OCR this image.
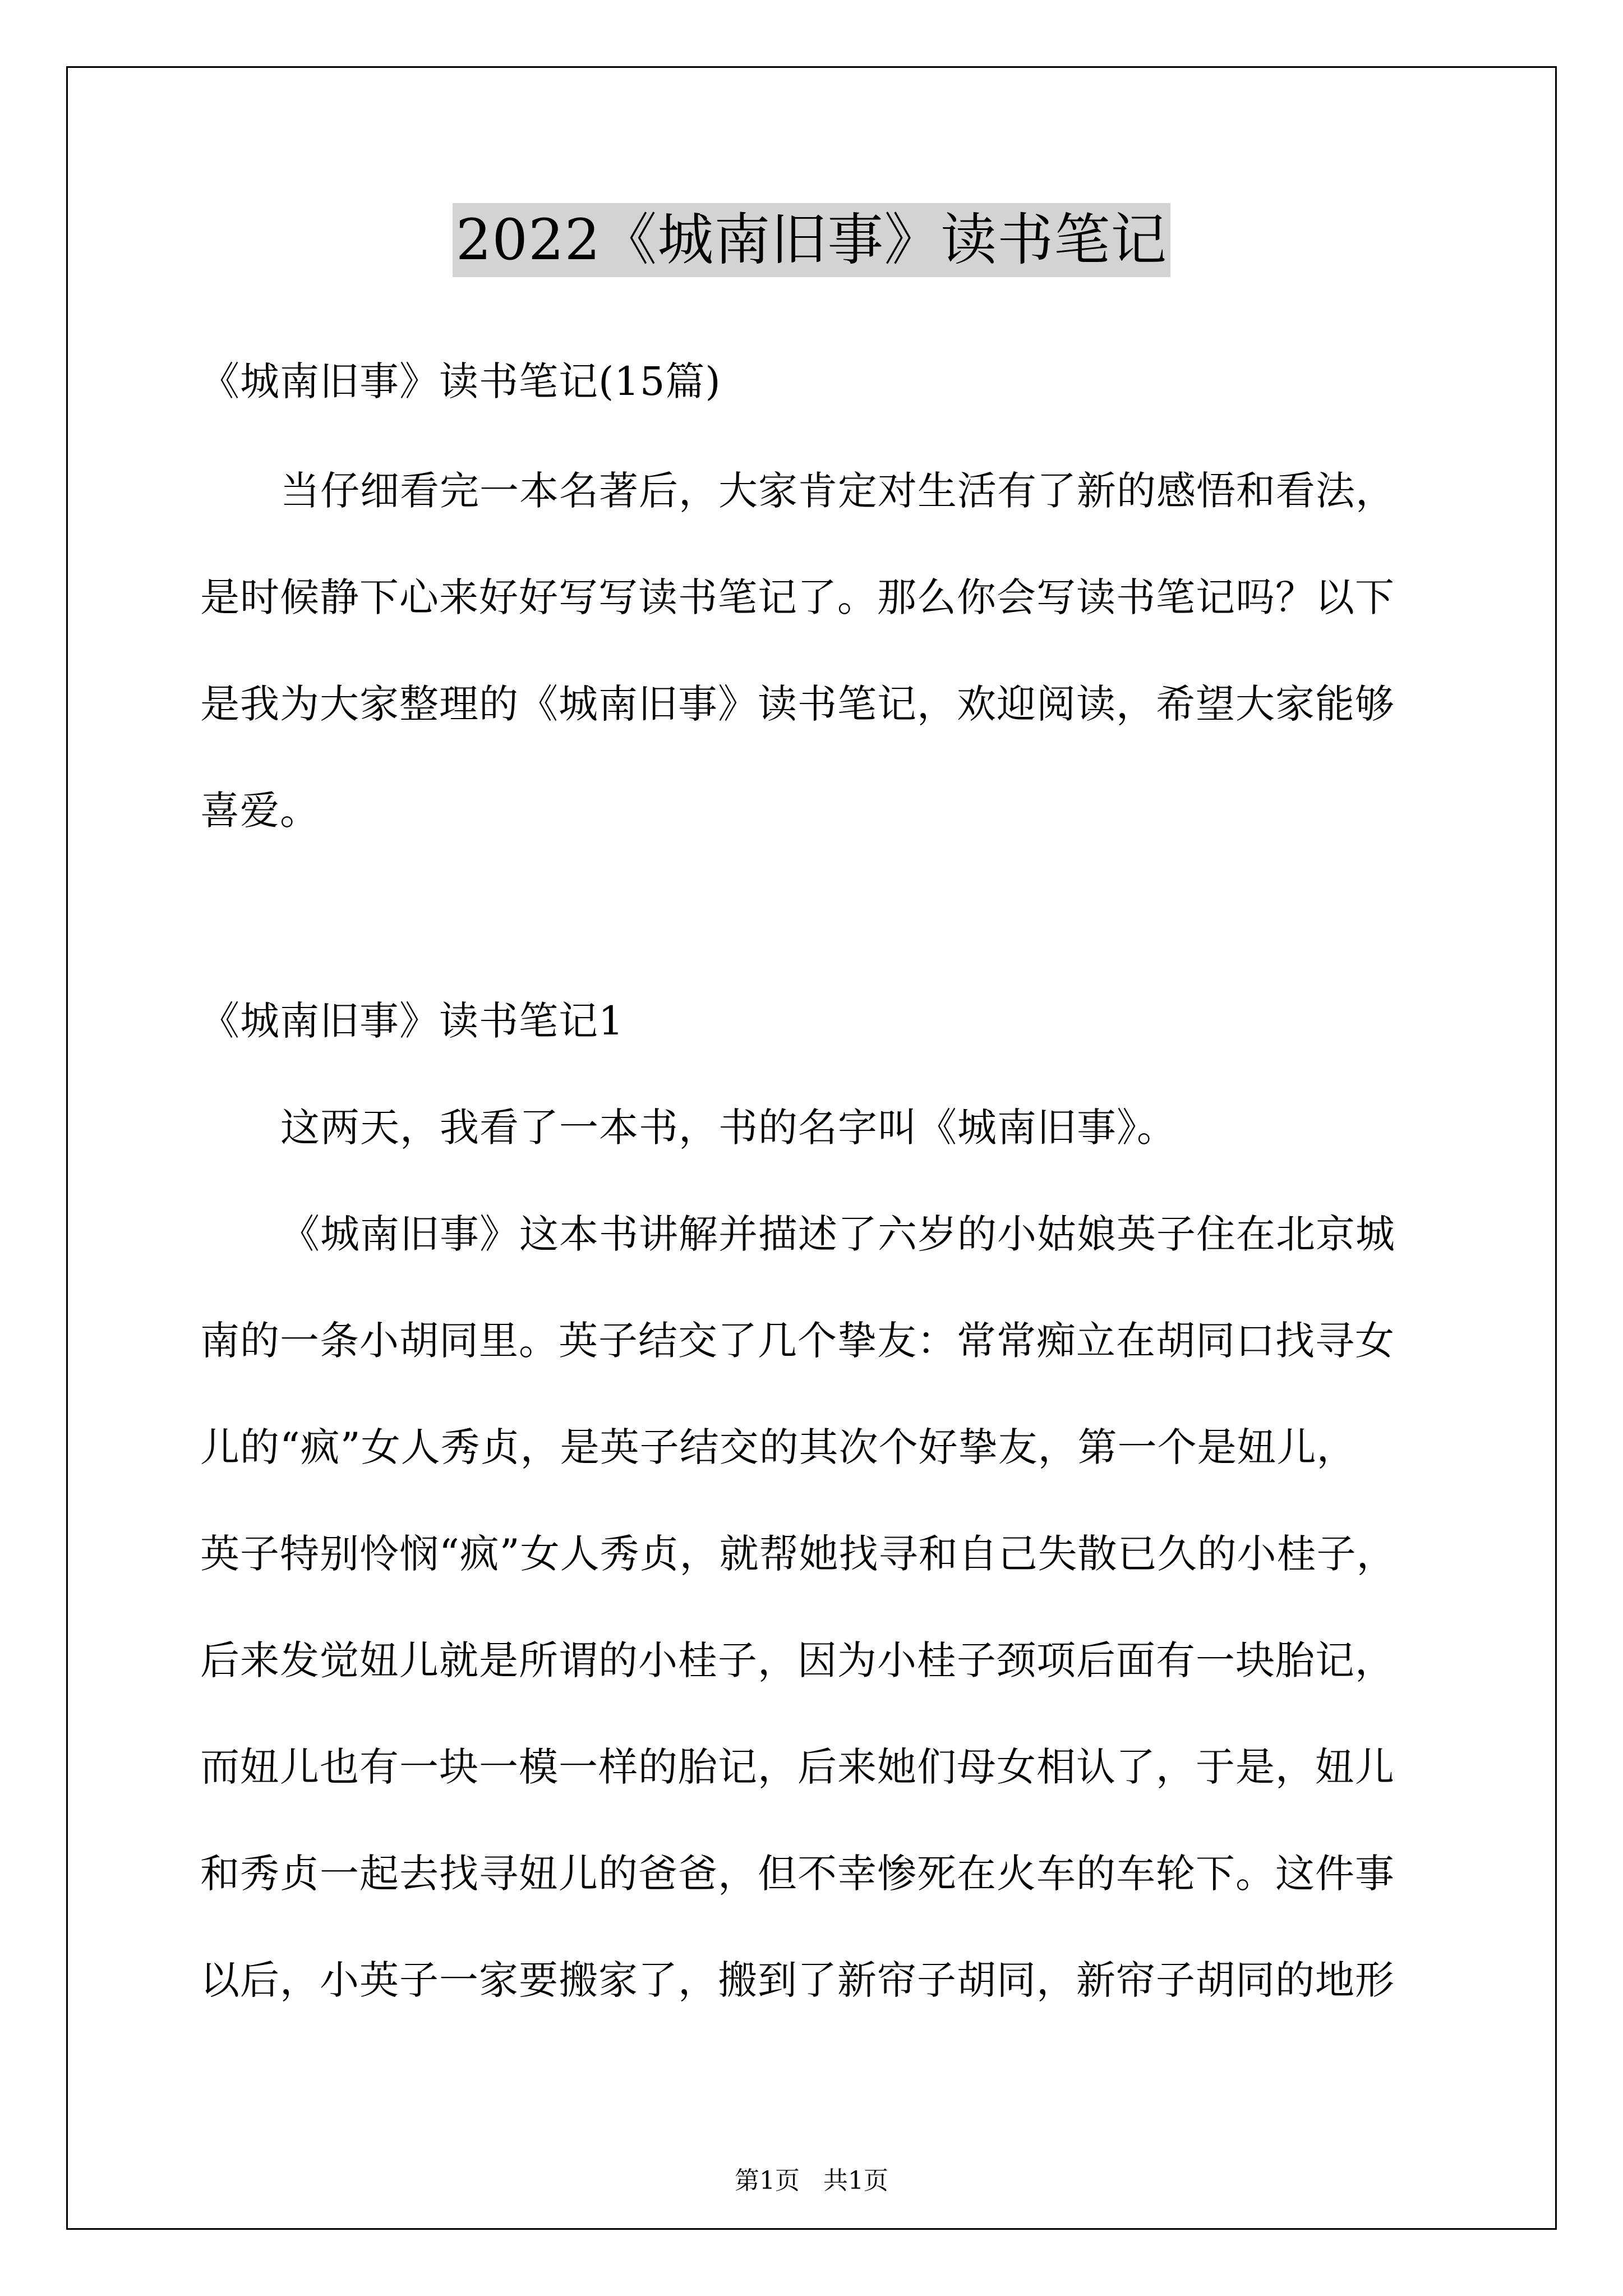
2022《城南旧事》读书笔记
《城南旧事》读书笔记(15篇)
当仔细看完一本名著后，大家肯定对生活有了新的感悟和看法，
是时候静下心来好好写写读书笔记了。那么你会写读书笔记吗？以下
是我为大家整理的《城南旧事》读书笔记，欢迎阅读，希望大家能够
喜爱。
《城南旧事》读书笔记1
这两天，我看了一本书，书的名字叫《城南旧事》。
《城南旧事》这本书讲解并描述了六岁的小姑娘英子住在北京城
南的一条小胡同里。英子结交了几个挚友：常常痴立在胡同口找寻女
儿的“疯”女人秀贞，是英子结交的其次个好挚友，第一个是妞儿，
英子特别怜悯“疯”女人秀贞，就帮她找寻和自己失散已久的小桂子，
后来发觉妞儿就是所谓的小桂子，因为小桂子颈项后面有一块胎记，
而妞儿也有一块一模一样的胎记，后来她们母女相认了，于是，妞儿
和秀贞一起去找寻妞儿的爸爸，但不幸惨死在火车的车轮下。这件事
以后，小英子一家要搬家了，搬到了新帘子胡同，新帘子胡同的地形
第1页   共1页
